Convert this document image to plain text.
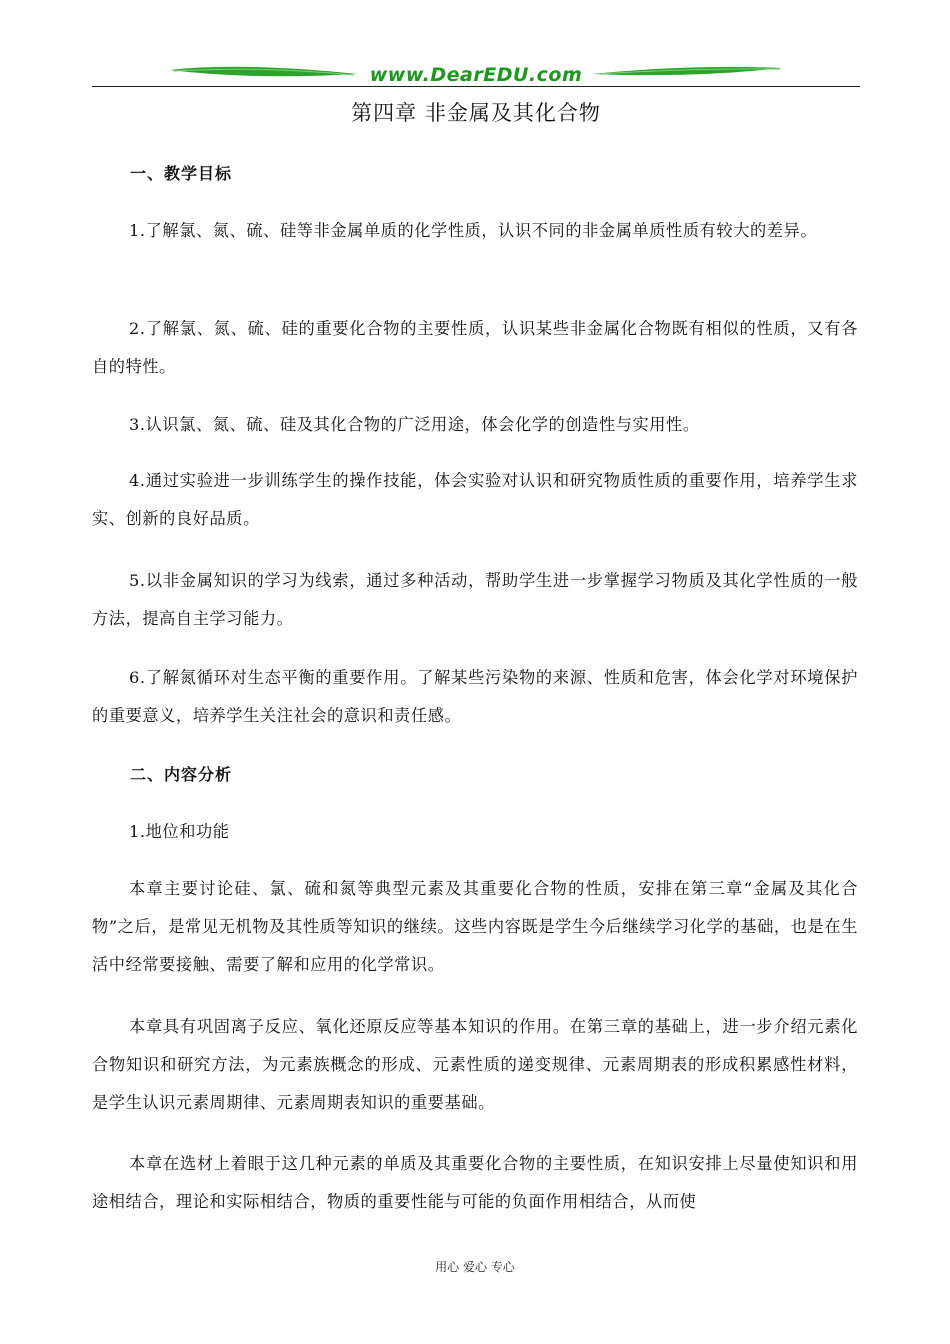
www.DearEDU.com
第四章 非金属及其化合物
一、教学目标

1.了解氯、氮、硫、硅等非金属单质的化学性质，认识不同的非金属单质性质有较大的差异。

2.了解氯、氮、硫、硅的重要化合物的主要性质，认识某些非金属化合物既有相似的性质，又有各自的特性。

3.认识氯、氮、硫、硅及其化合物的广泛用途，体会化学的创造性与实用性。

4.通过实验进一步训练学生的操作技能，体会实验对认识和研究物质性质的重要作用，培养学生求实、创新的良好品质。

5.以非金属知识的学习为线索，通过多种活动，帮助学生进一步掌握学习物质及其化学性质的一般方法，提高自主学习能力。

6.了解氮循环对生态平衡的重要作用。了解某些污染物的来源、性质和危害，体会化学对环境保护的重要意义，培养学生关注社会的意识和责任感。

二、内容分析

1.地位和功能

本章主要讨论硅、氯、硫和氮等典型元素及其重要化合物的性质，安排在第三章“金属及其化合物”之后，是常见无机物及其性质等知识的继续。这些内容既是学生今后继续学习化学的基础，也是在生活中经常要接触、需要了解和应用的化学常识。

本章具有巩固离子反应、氧化还原反应等基本知识的作用。在第三章的基础上，进一步介绍元素化合物知识和研究方法，为元素族概念的形成、元素性质的递变规律、元素周期表的形成积累感性材料，是学生认识元素周期律、元素周期表知识的重要基础。

本章在选材上着眼于这几种元素的单质及其重要化合物的主要性质，在知识安排上尽量使知识和用途相结合，理论和实际相结合，物质的重要性能与可能的负面作用相结合，从而使

用心 爱心 专心
